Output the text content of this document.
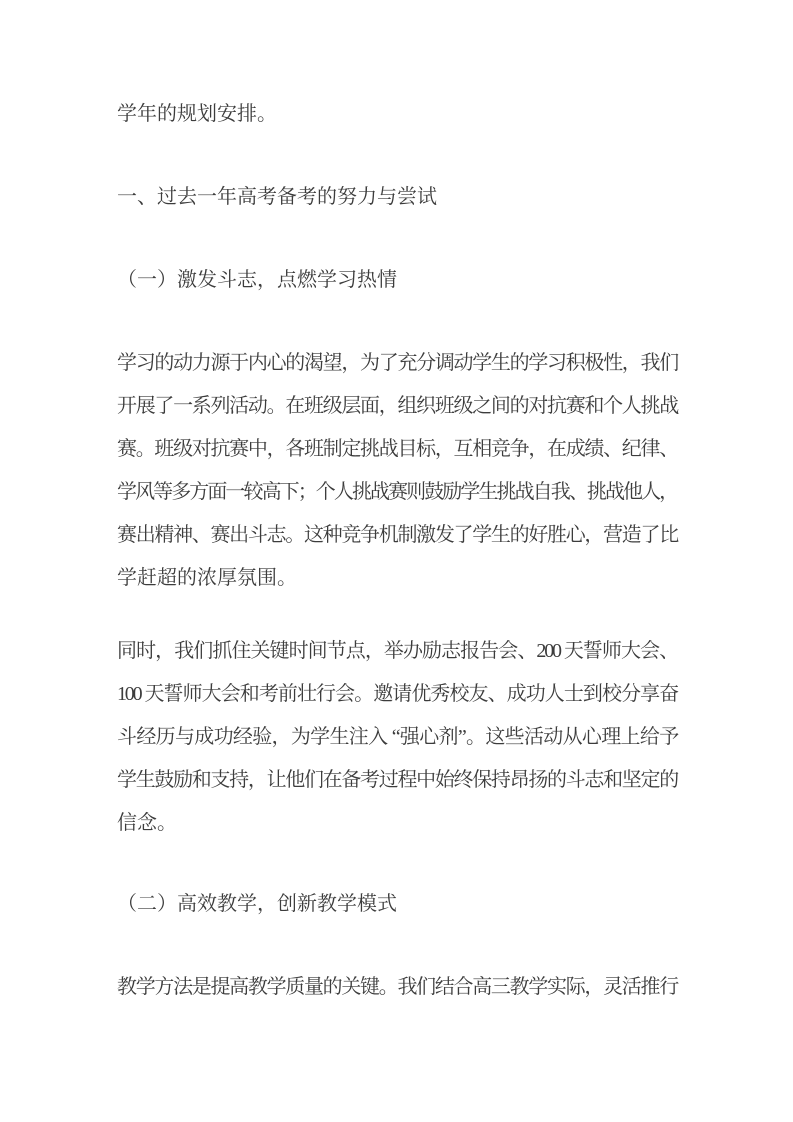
学年的规划安排。
一、过去一年高考备考的努力与尝试
（一）激发斗志，点燃学习热情
学习的动力源于内心的渴望，为了充分调动学生的学习积极性，我们
开展了一系列活动。在班级层面，组织班级之间的对抗赛和个人挑战
赛。班级对抗赛中，各班制定挑战目标，互相竞争，在成绩、纪律、
学风等多方面一较高下；个人挑战赛则鼓励学生挑战自我、挑战他人，
赛出精神、赛出斗志。这种竞争机制激发了学生的好胜心，营造了比
学赶超的浓厚氛围。
同时，我们抓住关键时间节点，举办励志报告会、200 天誓师大会、
100 天誓师大会和考前壮行会。邀请优秀校友、成功人士到校分享奋
斗经历与成功经验，为学生注入 “强心剂”。这些活动从心理上给予
学生鼓励和支持，让他们在备考过程中始终保持昂扬的斗志和坚定的
信念。
（二）高效教学，创新教学模式
教学方法是提高教学质量的关键。我们结合高三教学实际，灵活推行
